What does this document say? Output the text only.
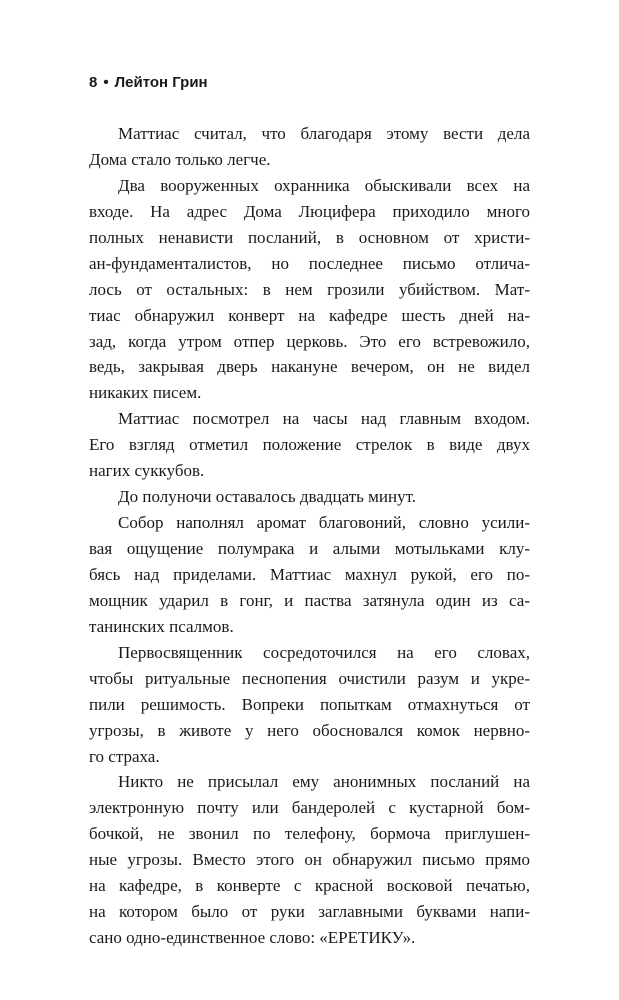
8 • Лейтон Грин
Маттиас считал, что благодаря этому вести дела
Дома стало только легче.
Два вооруженных охранника обыскивали всех на
входе. На адрес Дома Люцифера приходило много
полных ненависти посланий, в основном от христи-
ан-фундаменталистов, но последнее письмо отлича-
лось от остальных: в нем грозили убийством. Мат-
тиас обнаружил конверт на кафедре шесть дней на-
зад, когда утром отпер церковь. Это его встревожило,
ведь, закрывая дверь накануне вечером, он не видел
никаких писем.
Маттиас посмотрел на часы над главным входом.
Его взгляд отметил положение стрелок в виде двух
нагих суккубов.
До полуночи оставалось двадцать минут.
Собор наполнял аромат благовоний, словно усили-
вая ощущение полумрака и алыми мотыльками клу-
бясь над приделами. Маттиас махнул рукой, его по-
мощник ударил в гонг, и паства затянула один из са-
танинских псалмов.
Первосвященник сосредоточился на его словах,
чтобы ритуальные песнопения очистили разум и укре-
пили решимость. Вопреки попыткам отмахнуться от
угрозы, в животе у него обосновался комок нервно-
го страха.
Никто не присылал ему анонимных посланий на
электронную почту или бандеролей с кустарной бом-
бочкой, не звонил по телефону, бормоча приглушен-
ные угрозы. Вместо этого он обнаружил письмо прямо
на кафедре, в конверте с красной восковой печатью,
на котором было от руки заглавными буквами напи-
сано одно-единственное слово: «ЕРЕТИКУ».
